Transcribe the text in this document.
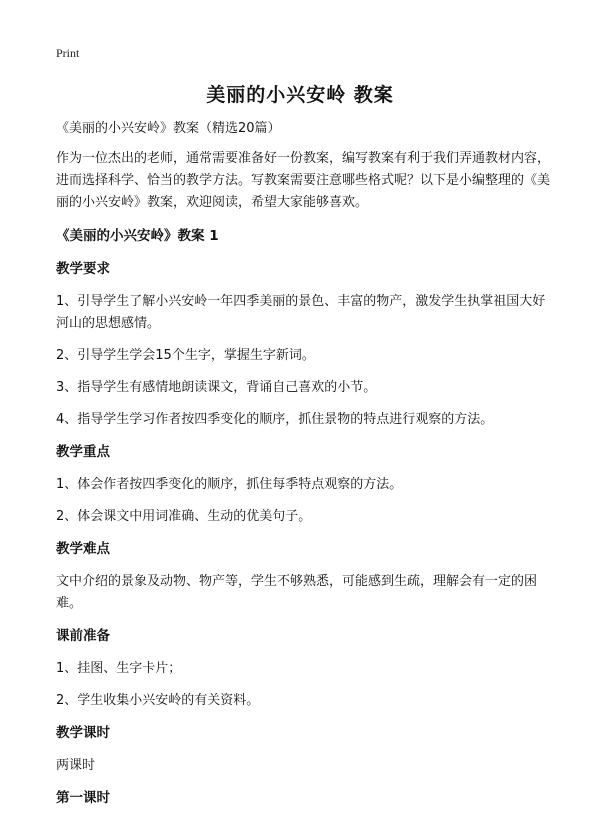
Print
美丽的小兴安岭 教案

《美丽的小兴安岭》教案（精选20篇）

作为一位杰出的老师，通常需要准备好一份教案，编写教案有利于我们弄通教材内容，进而选择科学、恰当的教学方法。写教案需要注意哪些格式呢？以下是小编整理的《美丽的小兴安岭》教案，欢迎阅读，希望大家能够喜欢。

《美丽的小兴安岭》教案 1

教学要求

1、引导学生了解小兴安岭一年四季美丽的景色、丰富的物产，激发学生执掌祖国大好河山的思想感情。

2、引导学生学会15个生字，掌握生字新词。

3、指导学生有感情地朗读课文，背诵自己喜欢的小节。

4、指导学生学习作者按四季变化的顺序，抓住景物的特点进行观察的方法。

教学重点

1、体会作者按四季变化的顺序，抓住每季特点观察的方法。

2、体会课文中用词准确、生动的优美句子。

教学难点

文中介绍的景象及动物、物产等，学生不够熟悉，可能感到生疏，理解会有一定的困难。

课前准备

1、挂图、生字卡片；

2、学生收集小兴安岭的有关资料。

教学课时

两课时

第一课时
